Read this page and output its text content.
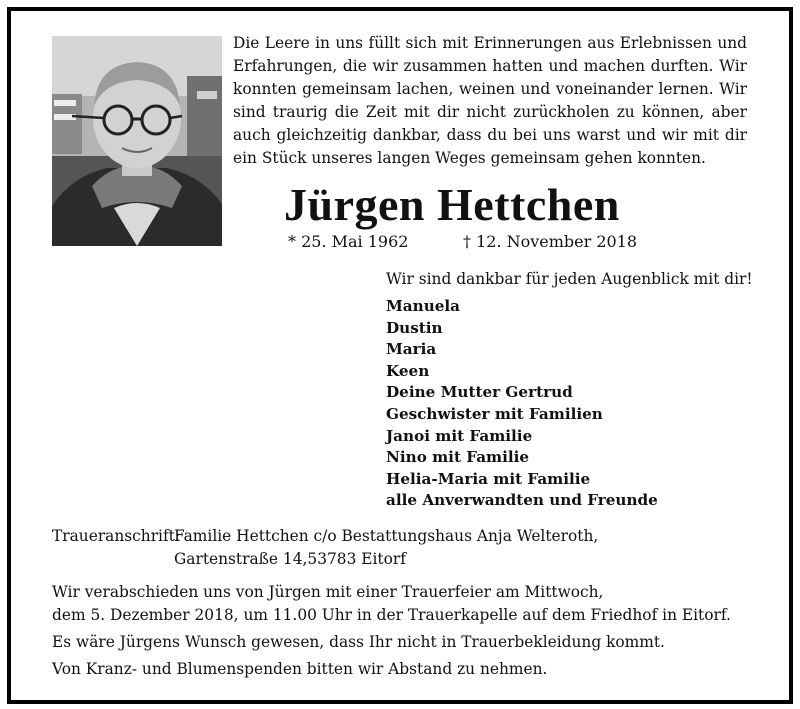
Die Leere in uns füllt sich mit Erinnerungen aus Erlebnissen und Erfahrungen, die wir zusammen hatten und machen durften. Wir konnten gemeinsam lachen, weinen und voneinander lernen. Wir sind traurig die Zeit mit dir nicht zurückholen zu können, aber auch gleichzeitig dankbar, dass du bei uns warst und wir mit dir ein Stück unseres langen Weges gemeinsam gehen konnten.

Jürgen Hettchen
* 25. Mai 1962	† 12. November 2018

Wir sind dankbar für jeden Augenblick mit dir!

Manuela
Dustin
Maria
Keen
Deine Mutter Gertrud
Geschwister mit Familien
Janoi mit Familie
Nino mit Familie
Helia-Maria mit Familie
alle Anverwandten und Freunde
Traueranschrift:
Familie Hettchen c/o Bestattungshaus Anja Welteroth,
Gartenstraße 14,53783 Eitorf

Wir verabschieden uns von Jürgen mit einer Trauerfeier am Mittwoch,

dem 5. Dezember 2018, um 11.00 Uhr in der Trauerkapelle auf dem Friedhof in Eitorf.

Es wäre Jürgens Wunsch gewesen, dass Ihr nicht in Trauerbekleidung kommt.

Von Kranz- und Blumenspenden bitten wir Abstand zu nehmen.
